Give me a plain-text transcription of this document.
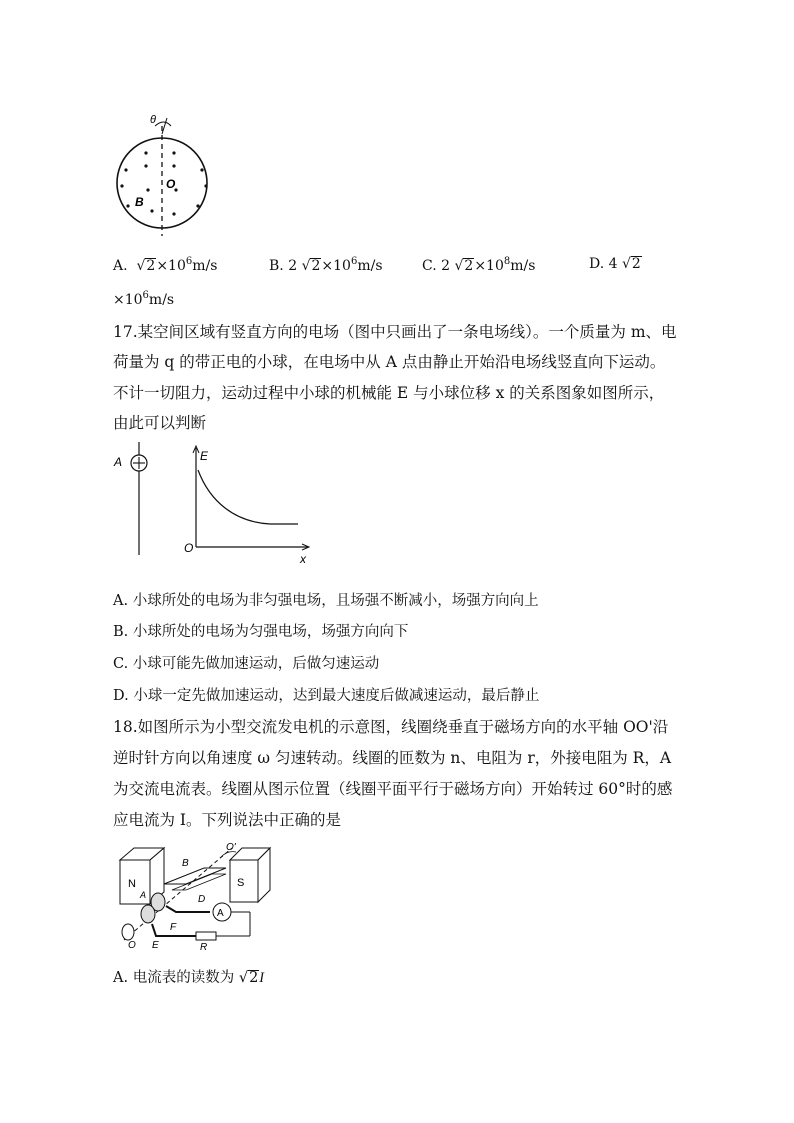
θ
O
B
A. $√2\times 10^6m/s$	B. 2 $√2\times 10^6m/s$	C. 2 $√2\times 10^8m/s$	D. 4 √2
$\times 10^6m/s$
17.某空间区域有竖直方向的电场（图中只画出了一条电场线）。一个质量为 m、电
荷量为 q 的带正电的小球，在电场中从 A 点由静止开始沿电场线竖直向下运动。
不计一切阻力，运动过程中小球的机械能 E 与小球位移 x 的关系图象如图所示，
由此可以判断
A	E
O
x
A. 小球所处的电场为非匀强电场，且场强不断减小，场强方向向上
B. 小球所处的电场为匀强电场，场强方向向下
C. 小球可能先做加速运动，后做匀速运动
D. 小球一定先做加速运动，达到最大速度后做减速运动，最后静止
18.如图所示为小型交流发电机的示意图，线圈绕垂直于磁场方向的水平轴 OO'沿
逆时针方向以角速度 ω 匀速转动。线圈的匝数为 n、电阻为 r，外接电阻为 R，A
为交流电流表。线圈从图示位置（线圈平面平行于磁场方向）开始转过 60°时的感
应电流为 I。下列说法中正确的是
N	S
O'
B
D
A
A
F
E	R
O
A. 电流表的读数为 √2I
